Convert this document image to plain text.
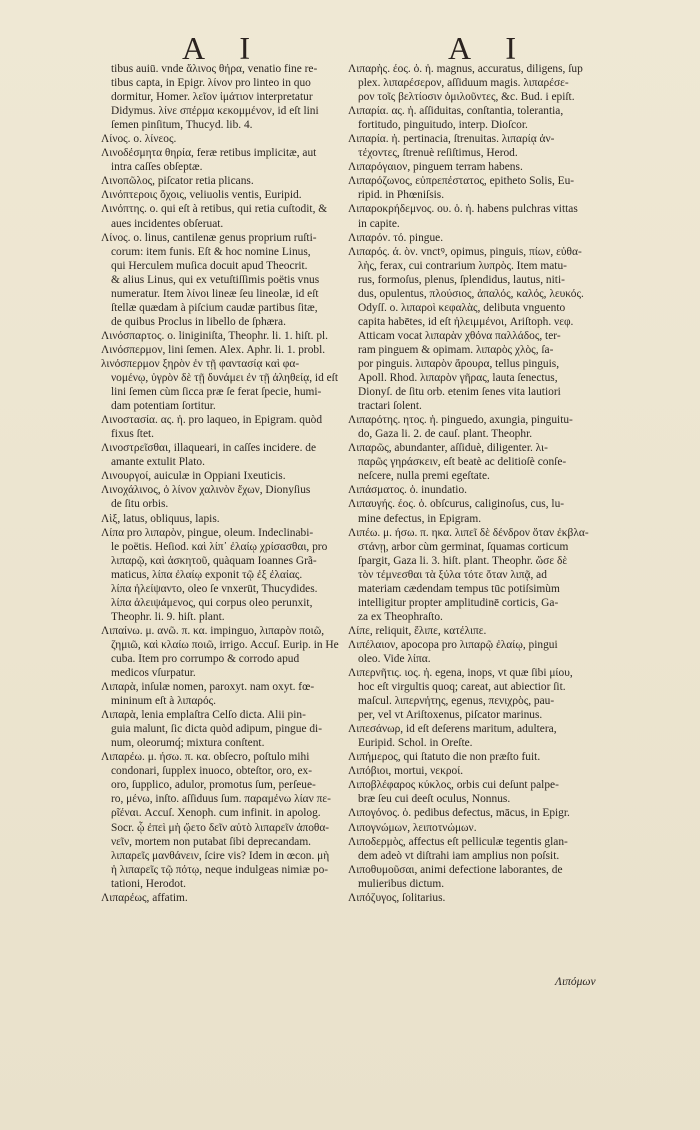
Α Ι	Α Ι
tibus auiū. vnde ἄλινος θήρα, venatio fine re-
tibus capta, in Epigr. λίνον pro linteo in quo
dormitur, Homer. λεῖον ἱμάτιον interpretatur
Didymus. λίνε σπέρμα κεκομμένον, id eſt lini
ſemen pinſitum, Thucyd. lib. 4.
Λίνος. ο. λίνεος.
Λινοδέσμητα θηρία, feræ retibus implicitæ, aut
intra caſſes obſeptæ.
Λινοπῶλος, piſcator retia plicans.
Λινόπτεροις ὄχοις, veliuolis ventis, Euripid.
Λινόπτης. ο. qui eſt à retibus, qui retia cuſtodit, &
aues incidentes obſeruat.
Λίνος. ο. linus, cantilenæ genus proprium ruſti-
corum: item funis. Eſt & hoc nomine Linus,
qui Herculem muſica docuit apud Theocrit.
& alius Linus, qui ex vetuſtiſſimis poëtis vnus
numeratur. Item λίνοι lineæ ſeu lineolæ, id eſt
ſtellæ quædam à piſcium caudæ partibus ſitæ,
de quibus Proclus in libello de ſphæra.
Λινόσπαρτος. ο. liniginiſta, Theophr. li. 1. hiſt. pl.
Λινόσπερμον, lini ſemen. Alex. Aphr. li. 1. probl.
λινόσπερμον ξηρὸν ἐν τῇ φαντασίᾳ καὶ φα-
νομένῳ, ὑγρὸν δὲ τῇ δυνάμει ἐν τῇ ἀληθείᾳ, id eſt
lini ſemen cùm ſicca præ ſe ferat ſpecie, humi-
dam potentiam ſortitur.
Λινοστασία. ας. ἡ. pro laqueo, in Epigram. quòd
fixus ſtet.
Λινοστρεῖσθαι, illaqueari, in caſſes incidere. de
amante extulit Plato.
Λινουργοί, auiculæ in Oppiani Ixeuticis.
Λινοχάλινος, ὁ λίνον χαλινὸν ἔχων, Dionyſius
de ſitu orbis.
Λὶξ, latus, obliquus, lapis.
Λίπα pro λιπαρὸν, pingue, oleum. Indeclinabi-
le poëtis. Heſiod. καὶ λίπ᾽ ἐλαίῳ χρίσασθαι, pro
λιπαρῷ, καὶ ἀσκητοῦ, quàquam Ioannes Grã-
maticus, λίπα ἐλαίῳ exponit τῷ ἐξ ἐλαίας.
λίπα ἠλείψαντο, oleo ſe vnxerūt, Thucydides.
λίπα ἀλειψάμενος, qui corpus oleo perunxit,
Theophr. li. 9. hiſt. plant.
Λιπαίνω. μ. ανῶ. π. κα. impinguo, λιπαρὸν ποιῶ,
ζημιῶ, καὶ κλαίω ποιῶ, irrigo. Accuſ. Eurip. in He
cuba. Item pro corrumpo & corrodo apud
medicos vſurpatur.
Λιπαρὰ, inſulæ nomen, paroxyt. nam oxyt. fœ-
mininum eſt à λιπαρός.
Λιπαρὰ, lenia emplaſtra Celſo dicta. Alii pin-
guia malunt, ſic dicta quòd adipum, pingue di-
num, oleorumq́; mixtura conſtent.
Λιπαρέω. μ. ήσω. π. κα. obſecro, poſtulo mihi
condonari, ſupplex inuoco, obteſtor, oro, ex-
oro, ſupplico, adulor, promotus ſum, perſeue-
ro, μένω, inſto. aſſiduus ſum. παραμένω λίαν πε-
ρ̃ιέναι. Accuſ. Xenoph. cum infinit. in apolog.
Socr. ᾧ ἐπεὶ μὴ ᾤετο δεῖν αὐτὸ λιπαρεῖν ἀποθα-
νεῖν, mortem non putabat ſibi deprecandam.
λιπαρεῖς μανθάνειν, ſcire vis? Idem in œcon. μὴ
ἡ λιπαρεῖς τῷ πότῳ, neque indulgeas nimiæ po-
tationi, Herodot.
Λιπαρέως, affatim.
Λιπαρὴς. έος. ὁ. ἡ. magnus, accuratus, diligens, ſup
plex. λιπαρέσερον, aſſiduum magis. λιπαρέσε-
ρον τοῖς βελτίοσιν ὁμιλοῦντες, &c. Bud. i epiſt.
Λιπαρία. ας. ἡ. aſſiduitas, conſtantia, tolerantia,
fortitudo, pinguitudo, interp. Dioſcor.
Λιπαρία. ἡ. pertinacia, ſtrenuitas. λιπαρίᾳ ἀν-
τέχοντες, ſtrenuè reſiſtimus, Herod.
Λιπαρόγαιον, pinguem terram habens.
Λιπαρόζωνος, εὐπρεπέστατος, epitheto Solis, Eu-
ripid. in Phœniſsis.
Λιπαροκρήδεμνος. ου. ὁ. ἡ. habens pulchras vittas
in capite.
Λιπαρόν. τό. pingue.
Λιπαρός. ά. ὸν. vnctꝰ, opimus, pinguis, πίων, εὐθα-
λὴς, ferax, cui contrarium λυπρὸς. Item matu-
rus, formoſus, plenus, ſplendidus, lautus, niti-
dus, opulentus, πλούσιος, ἀπαλός, καλός, λευκός.
Odyſſ. ο. λιπαροὶ κεφαλὰς, delibuta vnguento
capita habētes, id eſt ἠλειμμένοι, Ariſtoph. νεφ.
Atticam vocat λιπαρὰν χθόνα παλλάδος, ter-
ram pinguem & opimam. λιπαρὸς χλὸς, ſa-
por pinguis. λιπαρὸν ἄρουρα, tellus pinguis,
Apoll. Rhod. λιπαρὸν γῆρας, lauta ſenectus,
Dionyſ. de ſitu orb. etenim ſenes vita lautiori
tractari ſolent.
Λιπαρότης. ητος. ἡ. pinguedo, axungia, pinguitu-
do, Gaza li. 2. de cauſ. plant. Theophr.
Λιπαρῶς, abundanter, aſſiduè, diligenter. λι-
παρῶς γηράσκειν, eſt beatè ac delitioſè conſe-
neſcere, nulla premi egeſtate.
Λιπάσματος. ὁ. inundatio.
Λιπαυγής. έος. ὁ. obſcurus, caliginoſus, cus, lu-
mine defectus, in Epigram.
Λιπέω. μ. ήσω. π. ηκα. λιπεῖ δὲ δένδρον ὅταν ἐκβλα-
στάνῃ, arbor cùm germinat, ſquamas corticum
ſpargit, Gaza li. 3. hiſt. plant. Theophr. ὥσε δὲ
τὸν τέμνεσθαι τὰ ξύλα τότε ὅταν λιπᾷ, ad
materiam cædendam tempus tūc potiſsimùm
intelligitur propter amplitudinē corticis, Ga-
za ex Theophraſto.
Λίπε, reliquit, ἔλιπε, κατέλιπε.
Λιπέλαιον, apocopa pro λιπαρῷ ἐλαίῳ, pingui
oleo. Vide λίπα.
Λιπερνῆτις. ιος. ἡ. egena, inops, vt quæ ſibi μίου,
hoc eſt virgultis quoq; careat, aut abiectior ſit.
maſcul. λιπερνήτης, egenus, πενιχρὸς, pau-
per, vel vt Ariſtoxenus, piſcator marinus.
Λιπεσάνωρ, id eſt deſerens maritum, adultera,
Euripid. Schol. in Oreſte.
Λιπήμερος, qui ſtatuto die non præſto fuit.
Λιπόβιοι, mortui, νεκροί.
Λιποβλέφαρος κύκλος, orbis cui deſunt palpe-
bræ ſeu cui deeſt oculus, Nonnus.
Λιπογόνος. ὁ. pedibus defectus, mācus, in Epigr.
Λιπογνώμων, λειποτνώμων.
Λιποδερμὸς, affectus eſt pelliculæ tegentis glan-
dem adeò vt diſtrahi iam amplius non poſsit.
Λιποθυμοῦσαι, animi defectione laborantes, de
mulieribus dictum.
Λιπόζυγος, ſolitarius.
Λιπόμων
